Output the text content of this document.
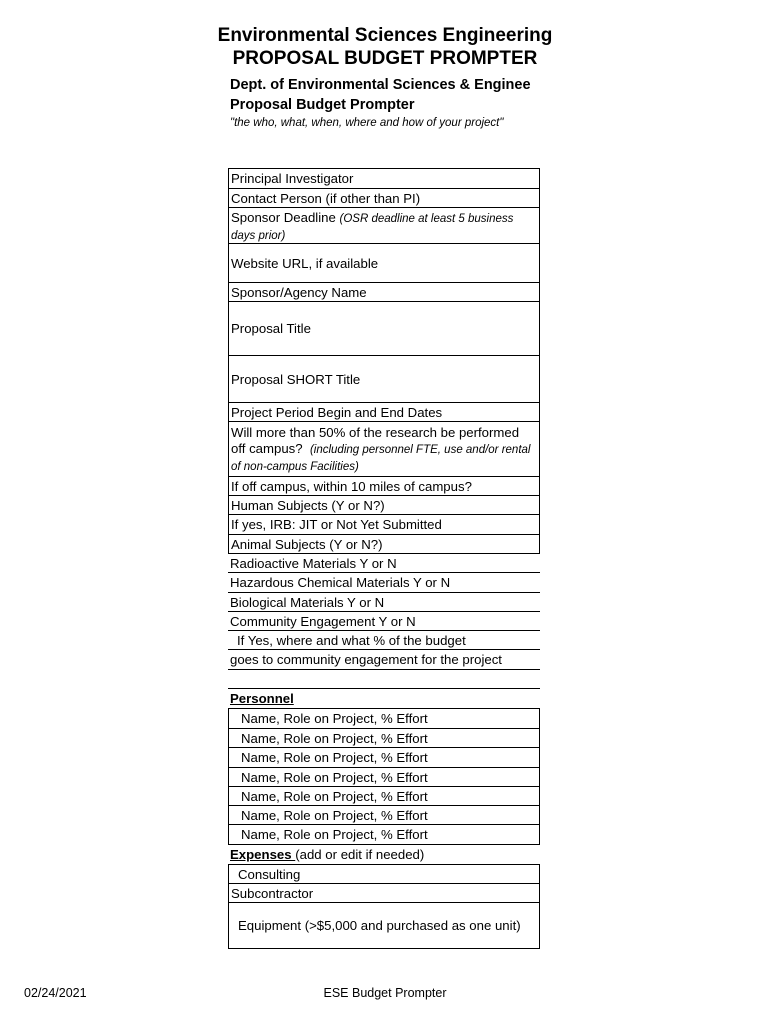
Environmental Sciences Engineering
PROPOSAL BUDGET PROMPTER
Dept. of Environmental Sciences & Enginee
Proposal Budget Prompter
"the who, what, when, where and how of your project"
Principal Investigator
Contact Person (if other than PI)
Sponsor Deadline (OSR deadline at least 5 business days prior)
Website URL, if available
Sponsor/Agency Name
Proposal Title
Proposal SHORT Title
Project Period Begin and End Dates
Will more than 50% of the research be performed off campus? (including personnel FTE, use and/or rental of non-campus Facilities)
If off campus, within 10 miles of campus?
Human Subjects (Y or N?)
If yes, IRB: JIT or Not Yet Submitted
Animal Subjects (Y or N?)
Radioactive Materials Y or N
Hazardous Chemical Materials Y or N
Biological Materials Y or N
Community Engagement Y or N
If Yes, where and what % of the budget
goes to community engagement for the project
Personnel
Name, Role on Project, % Effort
Name, Role on Project, % Effort
Name, Role on Project, % Effort
Name, Role on Project, % Effort
Name, Role on Project, % Effort
Name, Role on Project, % Effort
Name, Role on Project, % Effort
Expenses (add or edit if needed)
Consulting
Subcontractor
Equipment (>$5,000 and purchased as one unit)
02/24/2021	ESE Budget Prompter
